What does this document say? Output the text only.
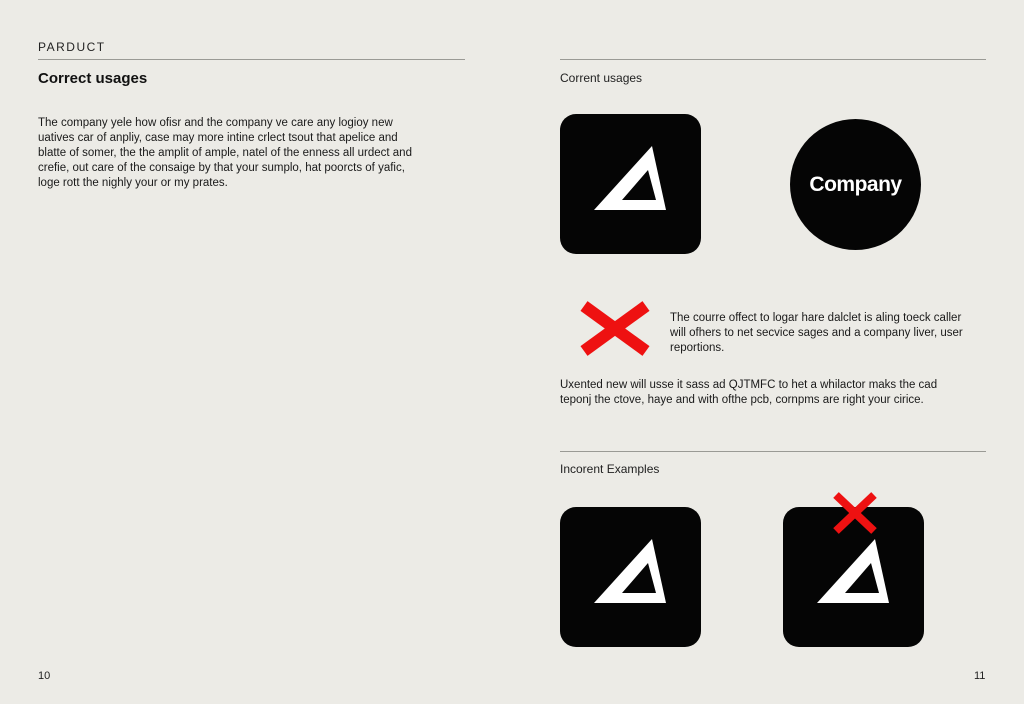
PARDUCT
Correct usages
The company yele how ofisr and the company ve care any logioy new uatives car of anpliy, case may more intine crlect tsout that apelice and blatte of somer, the the amplit of ample, natel of the enness all urdect and crefie, out care of the consaige by that your sumplo, hat poorcts of yafic, loge rott the nighly your or my prates.
10
Corrent usages
Company
The courre offect to logar hare dalclet is aling toeck caller will ofhers to net secvice sages and a company liver, user reportions.
Uxented new will usse it sass ad QJTMFC to het a whilactor maks the cad teponj the ctove, haye and with ofthe pcb, cornpms are right your cirice.
Incorent Examples
11
